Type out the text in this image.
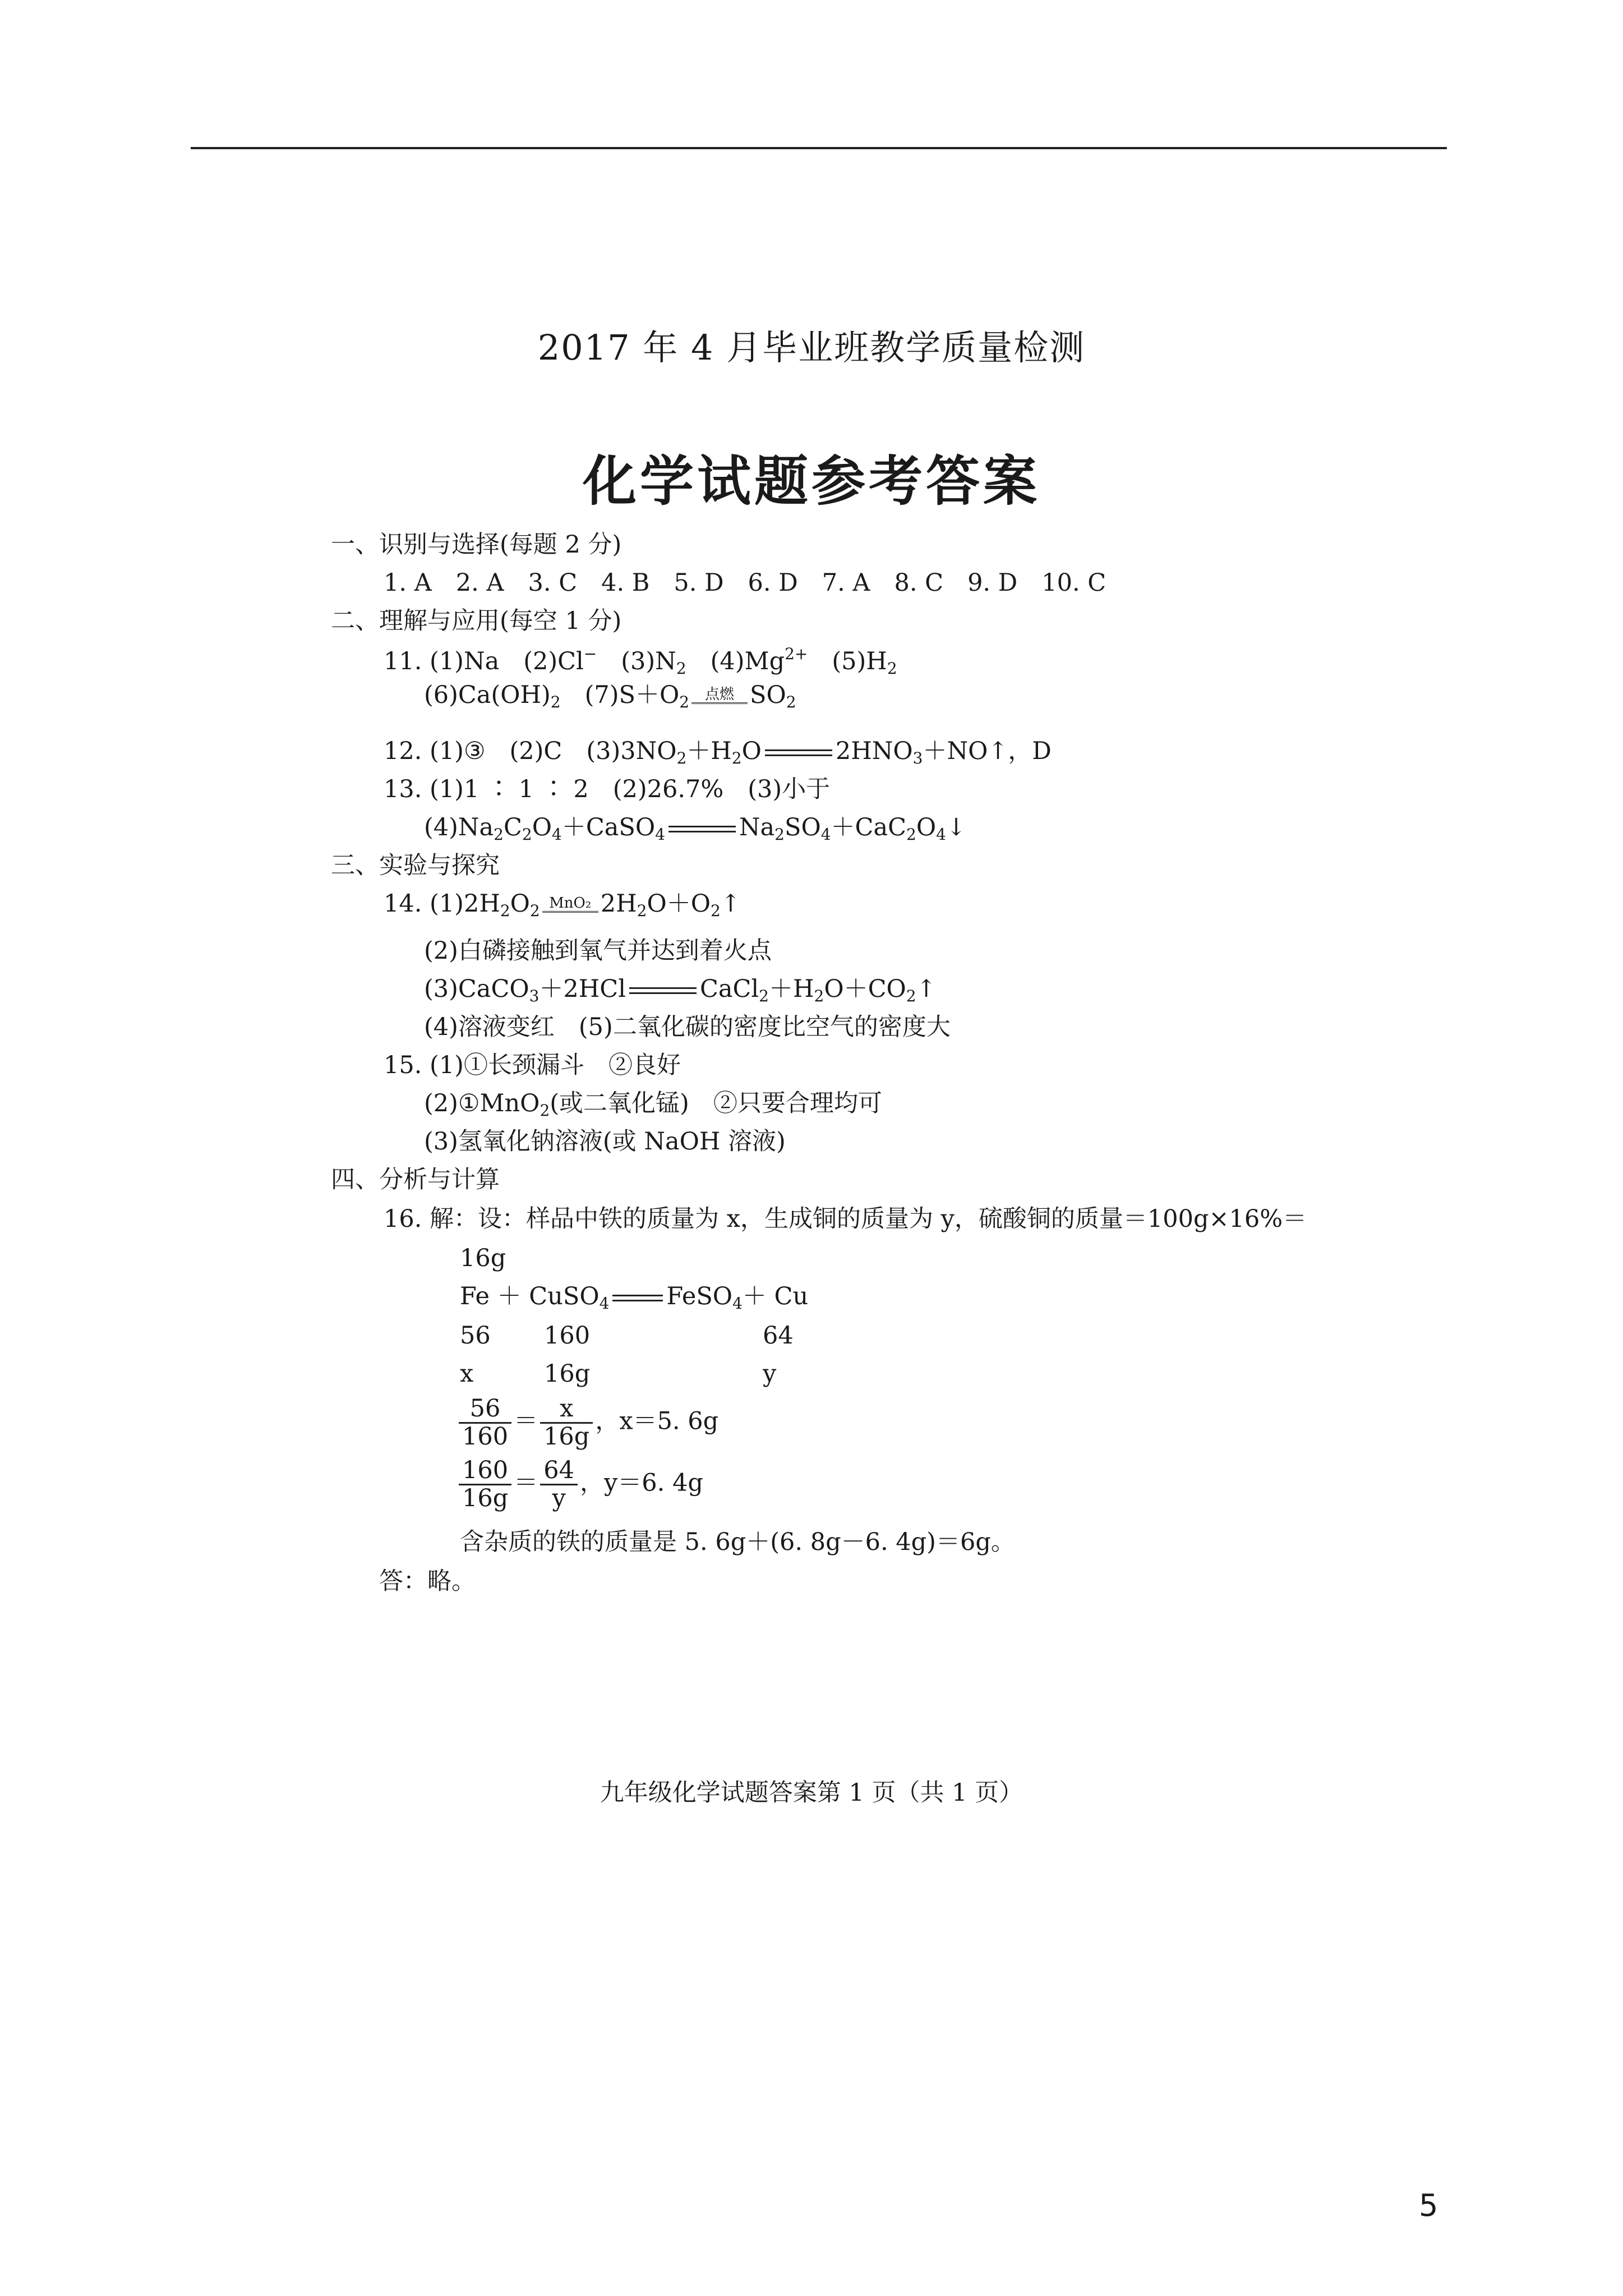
2017 年 4 月毕业班教学质量检测
化学试题参考答案
一、识别与选择(每题 2 分)
1. A　2. A　3. C　4. B　5. D　6. D　7. A　8. C　9. D　10. C
二、理解与应用(每空 1 分)
11. (1)Na　(2)Cl−　$(3)N_2$　$(4)Mg^{2+}$　$(5)H_2$
$(6)Ca(OH)_2$　$(7)S+O_2$	点燃 $SO_2$
12. (1)③　(2)C　$(3)3NO_2+H_2O$	$2HNO_3+NO↑$，D
13. (1)1 ∶ 1 ∶ 2　(2)26.7%　(3)小于
$(4)Na_2C_2O_4+CaSO_4$	$Na_2SO_4+CaC_2O_4↓$
三、实验与探究
14. $(1)2H_2O_2$ MnO₂ $2H_2O+O_2↑$
(2)白磷接触到氧气并达到着火点
(3)CaCO$_3$＋2HCl	$CaCl_2+H_2O+CO_2↑$
(4)溶液变红　(5)二氧化碳的密度比空气的密度大
15. (1)①长颈漏斗　②良好
(2)①MnO$_2$(或二氧化锰)　②只要合理均可
(3)氢氧化钠溶液(或 NaOH 溶液)
四、分析与计算
16. 解：设：样品中铁的质量为 x，生成铜的质量为 y，硫酸铜的质量＝100g×16%＝
16g
Fe ＋ CuSO$_4$ FeSO$_4$＋ Cu
56 160	64
x	16g	y
$\frac{56}{160} = \frac{x}{16g}$ ，x＝5. 6g
$\frac{160}{16g} = \frac{64}{y}$ ，y＝6. 4g
含杂质的铁的质量是 5. 6g＋(6. 8g－6. 4g)＝6g。
答：略。
九年级化学试题答案第 1 页（共 1 页）
5
